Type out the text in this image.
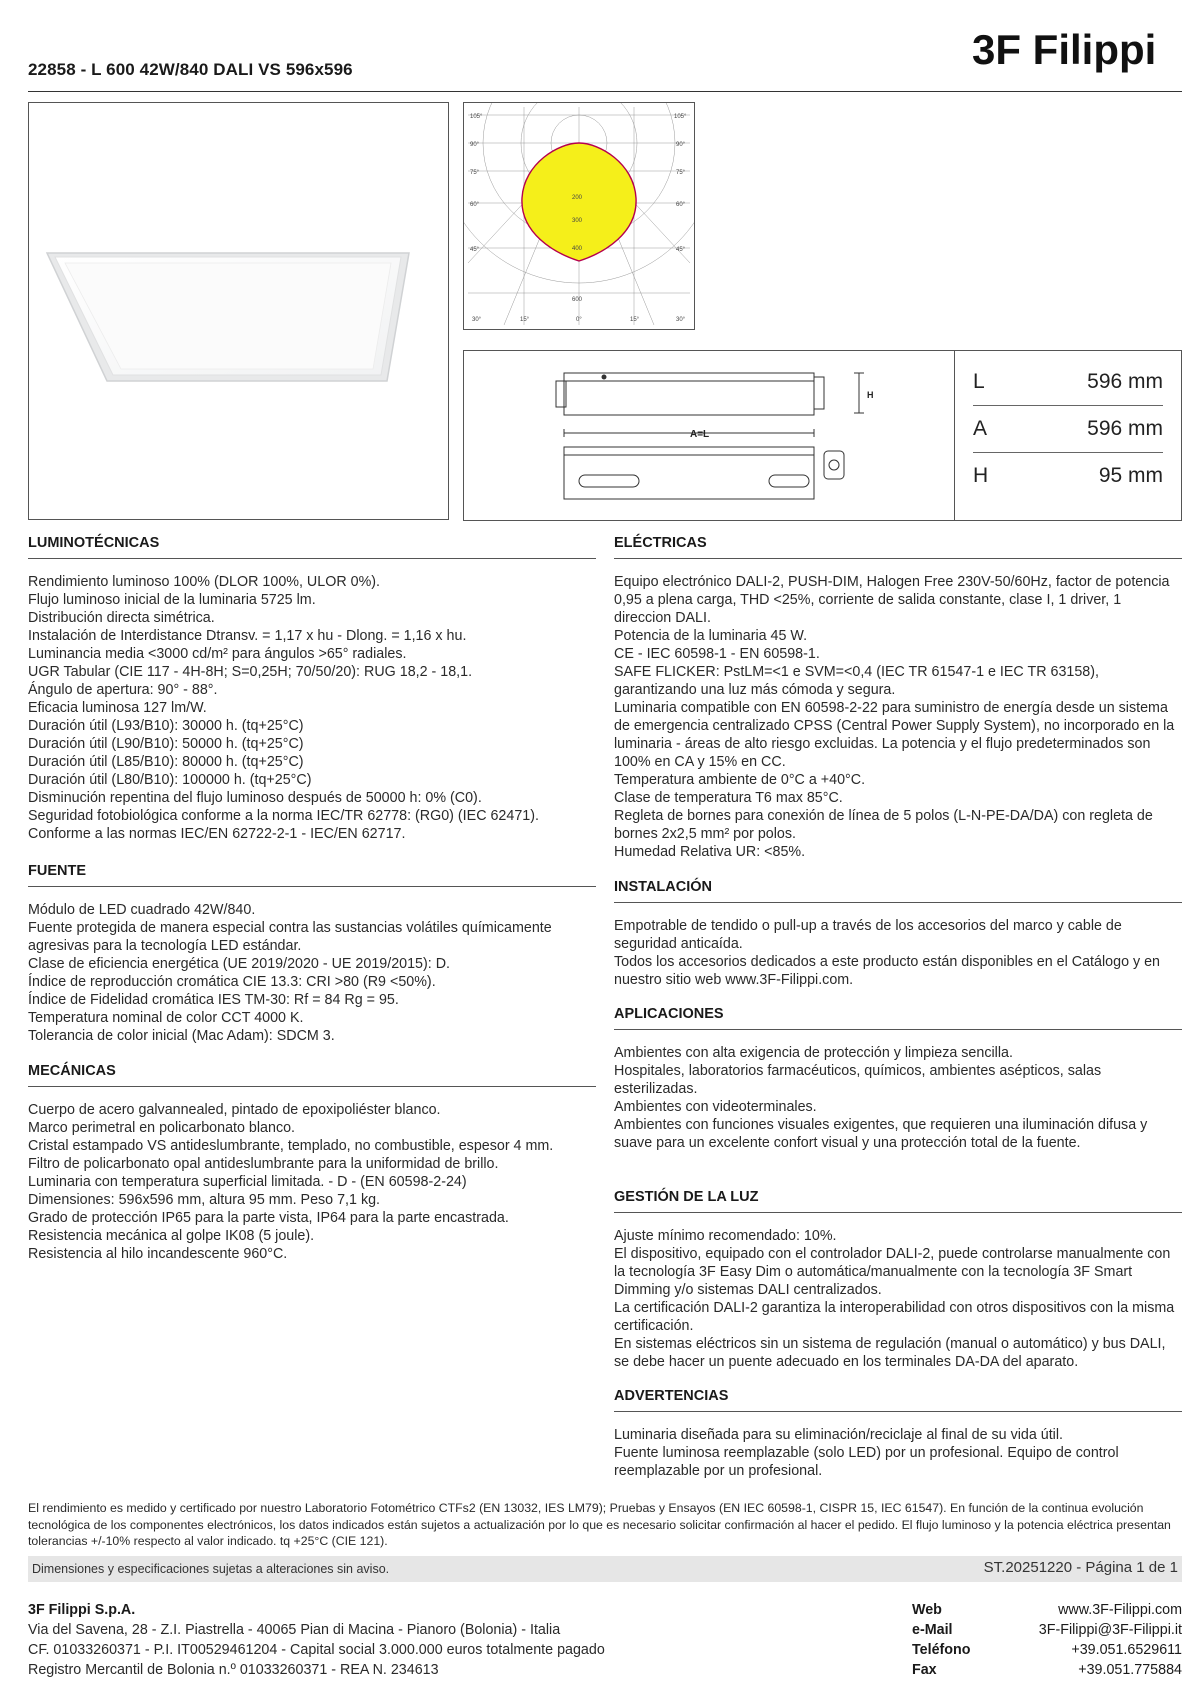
22858 - L 600 42W/840 DALI VS 596x596	3F Filippi
105°	105°
90°
75°
60°
45°
90°
75°
60°
45°
30°	15°	0°	15°	30°
200
300
400
600
A=L
H
L	596 mm
A	596 mm
H	95 mm
LUMINOTÉCNICAS
Rendimiento luminoso 100% (DLOR 100%, ULOR 0%).
Flujo luminoso inicial de la luminaria 5725 lm.
Distribución directa simétrica.
Instalación de Interdistance Dtransv. = 1,17 x hu - Dlong. = 1,16 x hu.
Luminancia media <3000 cd/m² para ángulos >65° radiales.
UGR Tabular (CIE 117 - 4H-8H; S=0,25H; 70/50/20): RUG 18,2 - 18,1.
Ángulo de apertura: 90° - 88°.
Eficacia luminosa 127 lm/W.
Duración útil (L93/B10): 30000 h. (tq+25°C)
Duración útil (L90/B10): 50000 h. (tq+25°C)
Duración útil (L85/B10): 80000 h. (tq+25°C)
Duración útil (L80/B10): 100000 h. (tq+25°C)
Disminución repentina del flujo luminoso después de 50000 h: 0% (C0).
Seguridad fotobiológica conforme a la norma IEC/TR 62778: (RG0) (IEC 62471).
Conforme a las normas IEC/EN 62722-2-1 - IEC/EN 62717.
FUENTE
Módulo de LED cuadrado 42W/840.
Fuente protegida de manera especial contra las sustancias volátiles químicamente agresivas para la tecnología LED estándar.
Clase de eficiencia energética (UE 2019/2020 - UE 2019/2015): D.
Índice de reproducción cromática CIE 13.3: CRI >80 (R9 <50%).
Índice de Fidelidad cromática IES TM-30: Rf = 84 Rg = 95.
Temperatura nominal de color CCT 4000 K.
Tolerancia de color inicial (Mac Adam): SDCM 3.
MECÁNICAS
Cuerpo de acero galvannealed, pintado de epoxipoliéster blanco.
Marco perimetral en policarbonato blanco.
Cristal estampado VS antideslumbrante, templado, no combustible, espesor 4 mm.
Filtro de policarbonato opal antideslumbrante para la uniformidad de brillo.
Luminaria con temperatura superficial limitada. - D - (EN 60598-2-24)
Dimensiones: 596x596 mm, altura 95 mm. Peso 7,1 kg.
Grado de protección IP65 para la parte vista, IP64 para la parte encastrada.
Resistencia mecánica al golpe IK08 (5 joule).
Resistencia al hilo incandescente 960°C.
ELÉCTRICAS
Equipo electrónico DALI-2, PUSH-DIM, Halogen Free 230V-50/60Hz, factor de potencia 0,95 a plena carga, THD <25%, corriente de salida constante, clase I, 1 driver, 1 direccion DALI.
Potencia de la luminaria 45 W.
CE - IEC 60598-1 - EN 60598-1.
SAFE FLICKER: PstLM=<1 e SVM=<0,4 (IEC TR 61547-1 e IEC TR 63158), garantizando una luz más cómoda y segura.
Luminaria compatible con EN 60598-2-22 para suministro de energía desde un sistema de emergencia centralizado CPSS (Central Power Supply System), no incorporado en la luminaria - áreas de alto riesgo excluidas. La potencia y el flujo predeterminados son 100% en CA y 15% en CC.
Temperatura ambiente de 0°C a +40°C.
Clase de temperatura T6 max 85°C.
Regleta de bornes para conexión de línea de 5 polos (L-N-PE-DA/DA) con regleta de bornes 2x2,5 mm² por polos.
Humedad Relativa UR: <85%.
INSTALACIÓN
Empotrable de tendido o pull-up a través de los accesorios del marco y cable de seguridad anticaída.
Todos los accesorios dedicados a este producto están disponibles en el Catálogo y en nuestro sitio web www.3F-Filippi.com.
APLICACIONES
Ambientes con alta exigencia de protección y limpieza sencilla.
Hospitales, laboratorios farmacéuticos, químicos, ambientes asépticos, salas esterilizadas.
Ambientes con videoterminales.
Ambientes con funciones visuales exigentes, que requieren una iluminación difusa y suave para un excelente confort visual y una protección total de la fuente.
GESTIÓN DE LA LUZ
Ajuste mínimo recomendado: 10%.
El dispositivo, equipado con el controlador DALI-2, puede controlarse manualmente con la tecnología 3F Easy Dim o automática/manualmente con la tecnología 3F Smart Dimming y/o sistemas DALI centralizados.
La certificación DALI-2 garantiza la interoperabilidad con otros dispositivos con la misma certificación.
En sistemas eléctricos sin un sistema de regulación (manual o automático) y bus DALI, se debe hacer un puente adecuado en los terminales DA-DA del aparato.
ADVERTENCIAS
Luminaria diseñada para su eliminación/reciclaje al final de su vida útil.
Fuente luminosa reemplazable (solo LED) por un profesional. Equipo de control reemplazable por un profesional.
El rendimiento es medido y certificado por nuestro Laboratorio Fotométrico CTFs2 (EN 13032, IES LM79); Pruebas y Ensayos (EN IEC 60598-1, CISPR 15, IEC 61547). En función de la continua evolución tecnológica de los componentes electrónicos, los datos indicados están sujetos a actualización por lo que es necesario solicitar confirmación al hacer el pedido. El flujo luminoso y la potencia eléctrica presentan tolerancias +/-10% respecto al valor indicado. tq +25°C (CIE 121).
Dimensiones y especificaciones sujetas a alteraciones sin aviso.	ST.20251220 - Página 1 de 1
3F Filippi S.p.A.
Via del Savena, 28 - Z.I. Piastrella - 40065 Pian di Macina - Pianoro (Bolonia) - Italia
CF. 01033260371 - P.I. IT00529461204 - Capital social 3.000.000 euros totalmente pagado
Registro Mercantil de Bolonia n.º 01033260371 - REA N. 234613
Web	www.3F-Filippi.com
e-Mail	3F-Filippi@3F-Filippi.it
Teléfono	+39.051.6529611
Fax	+39.051.775884
